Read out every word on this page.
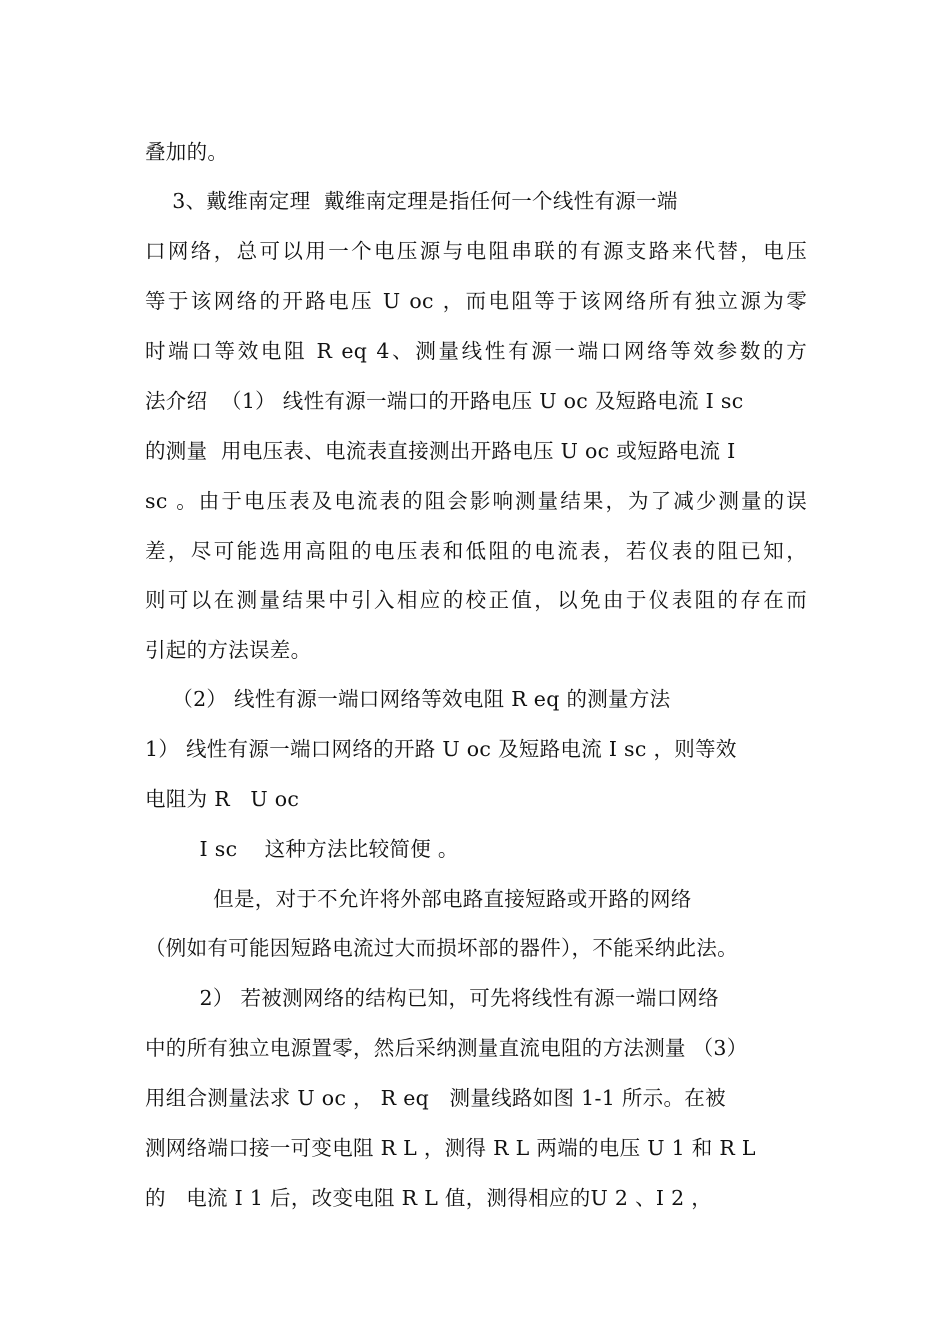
叠加的。
3、戴维南定理  戴维南定理是指任何一个线性有源一端
口网络，总可以用一个电压源与电阻串联的有源支路来代替，电压
等于该网络的开路电压 U oc ，而电阻等于该网络所有独立源为零
时端口等效电阻 R eq 4、测量线性有源一端口网络等效参数的方
法介绍  （1） 线性有源一端口的开路电压 U oc 及短路电流 I sc
的测量  用电压表、电流表直接测出开路电压 U oc 或短路电流 I
sc 。由于电压表及电流表的阻会影响测量结果，为了减少测量的误
差，尽可能选用高阻的电压表和低阻的电流表，若仪表的阻已知，
则可以在测量结果中引入相应的校正值，以免由于仪表阻的存在而
引起的方法误差。
（2） 线性有源一端口网络等效电阻 R eq 的测量方法
1） 线性有源一端口网络的开路 U oc 及短路电流 I sc ，则等效
电阻为 R   U oc
I sc    这种方法比较简便 。
但是，对于不允许将外部电路直接短路或开路的网络
（例如有可能因短路电流过大而损坏部的器件），不能采纳此法。
2） 若被测网络的结构已知，可先将线性有源一端口网络
中的所有独立电源置零，然后采纳测量直流电阻的方法测量 （3）
用组合测量法求 U oc ， R eq   测量线路如图 1-1 所示。在被
测网络端口接一可变电阻 R L ，测得 R L 两端的电压 U 1 和 R L
的   电流 I 1 后，改变电阻 R L 值，测得相应的U 2 、I 2 ，
